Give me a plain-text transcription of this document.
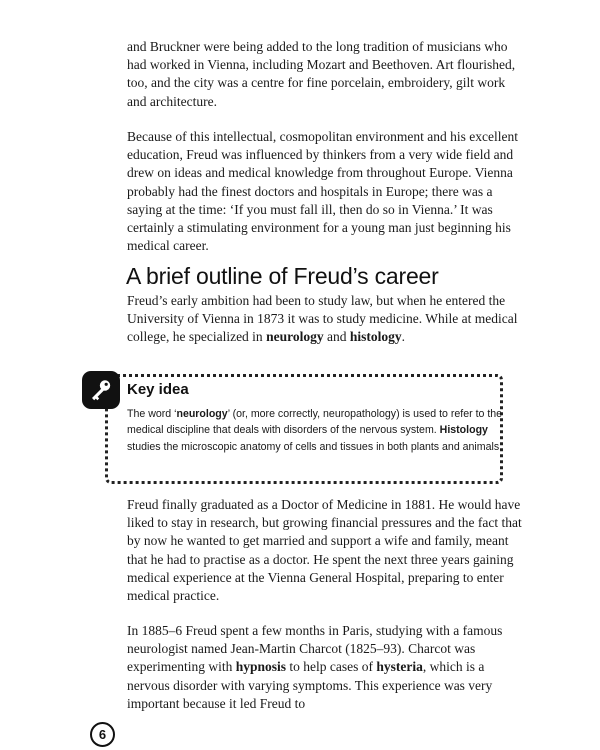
and Bruckner were being added to the long tradition of musicians who had worked in Vienna, including Mozart and Beethoven. Art flourished, too, and the city was a centre for fine porcelain, embroidery, gilt work and architecture.

Because of this intellectual, cosmopolitan environment and his excellent education, Freud was influenced by thinkers from a very wide field and drew on ideas and medical knowledge from throughout Europe. Vienna probably had the finest doctors and hospitals in Europe; there was a saying at the time: ‘If you must fall ill, then do so in Vienna.’ It was certainly a stimulating environment for a young man just beginning his medical career.

A brief outline of Freud’s career

Freud’s early ambition had been to study law, but when he entered the University of Vienna in 1873 it was to study medicine. While at medical college, he specialized in neurology and histology.

Key idea

The word ‘neurology’ (or, more correctly, neuropathology) is used to refer to the medical discipline that deals with disorders of the nervous system. Histology studies the microscopic anatomy of cells and tissues in both plants and animals.

Freud finally graduated as a Doctor of Medicine in 1881. He would have liked to stay in research, but growing financial pressures and the fact that by now he wanted to get married and support a wife and family, meant that he had to practise as a doctor. He spent the next three years gaining medical experience at the Vienna General Hospital, preparing to enter medical practice.

In 1885–6 Freud spent a few months in Paris, studying with a famous neurologist named Jean-Martin Charcot (1825–93). Charcot was experimenting with hypnosis to help cases of hysteria, which is a nervous disorder with varying symptoms. This experience was very important because it led Freud to

6
